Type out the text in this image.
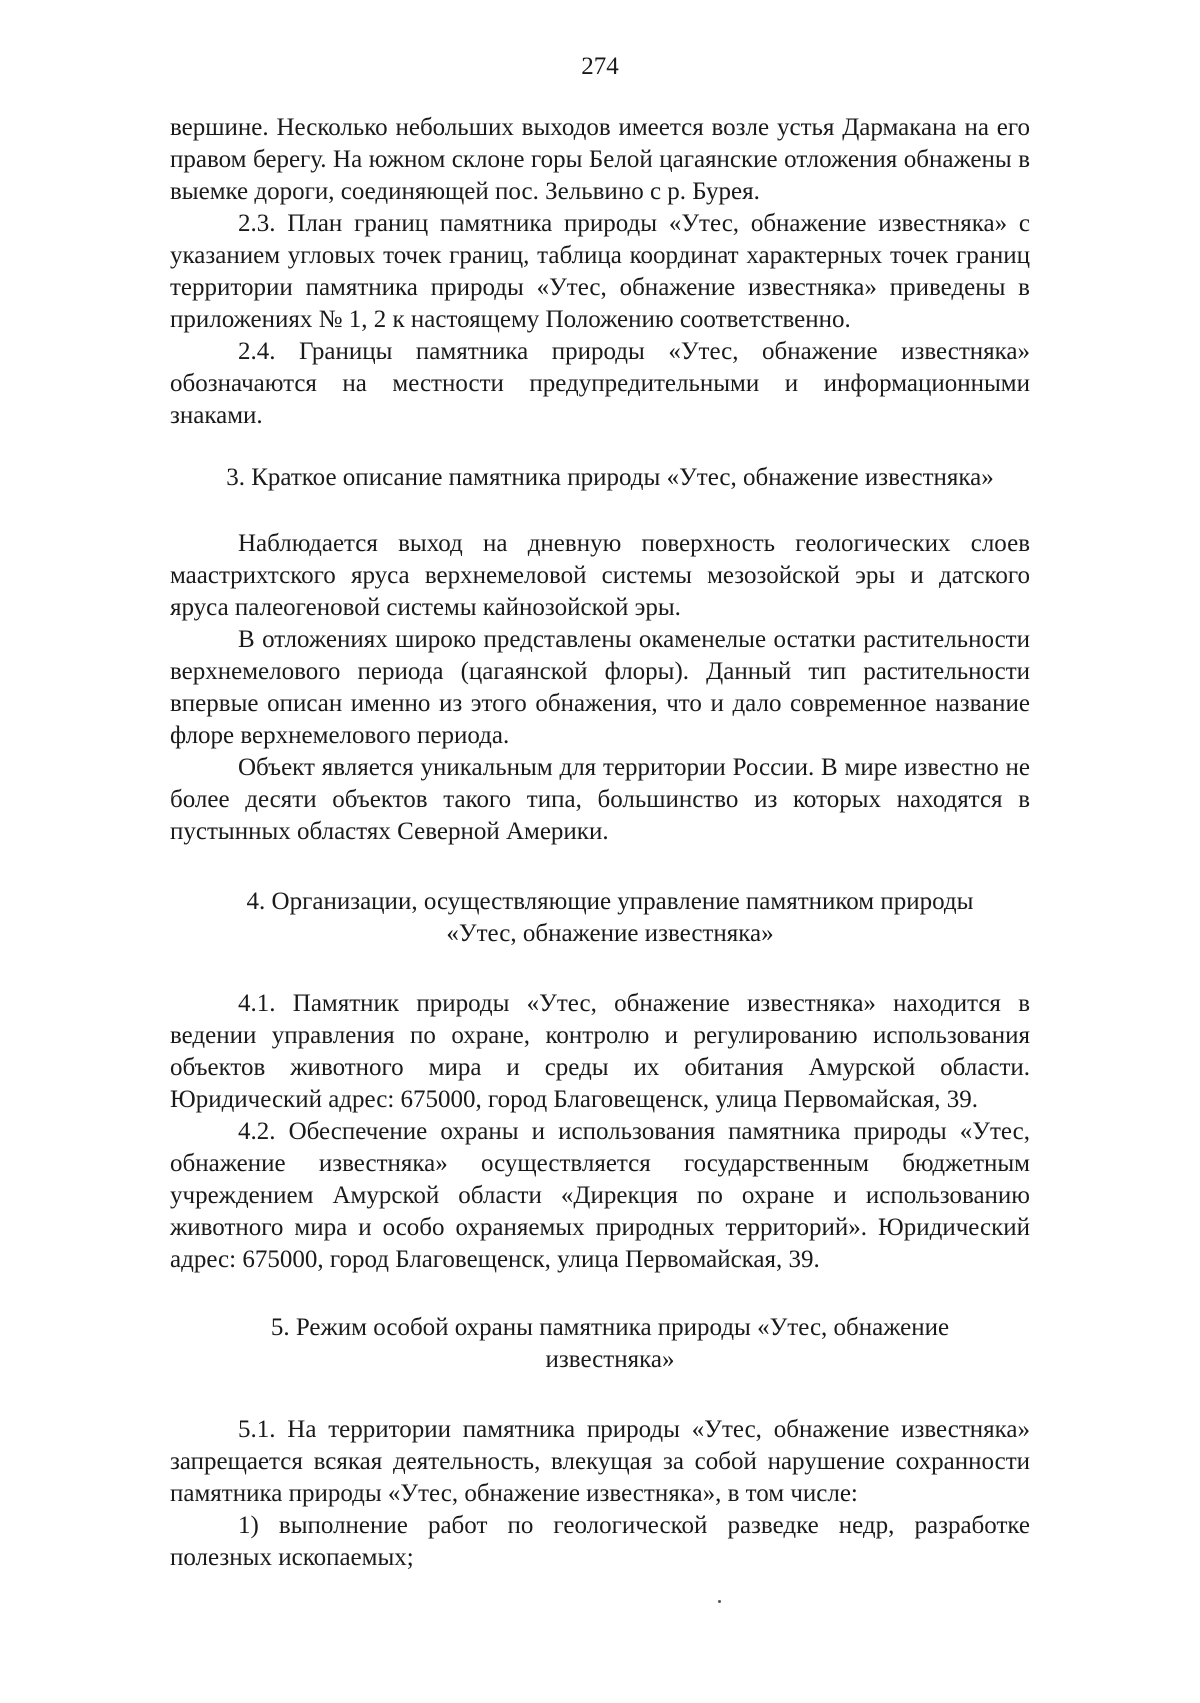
274

вершине. Несколько небольших выходов имеется возле устья Дармакана на его правом берегу. На южном склоне горы Белой цагаянские отложения обнажены в выемке дороги, соединяющей пос. Зельвино с р. Бурея.

2.3. План границ памятника природы «Утес, обнажение известняка» с указанием угловых точек границ, таблица координат характерных точек границ территории памятника природы «Утес, обнажение известняка» приведены в приложениях № 1, 2 к настоящему Положению соответственно.

2.4. Границы памятника природы «Утес, обнажение известняка» обозначаются на местности предупредительными и информационными знаками.

3. Краткое описание памятника природы «Утес, обнажение известняка»

Наблюдается выход на дневную поверхность геологических слоев маастрихтского яруса верхнемеловой системы мезозойской эры и датского яруса палеогеновой системы кайнозойской эры.

В отложениях широко представлены окаменелые остатки растительности верхнемелового периода (цагаянской флоры). Данный тип растительности впервые описан именно из этого обнажения, что и дало современное название флоре верхнемелового периода.

Объект является уникальным для территории России. В мире известно не более десяти объектов такого типа, большинство из которых находятся в пустынных областях Северной Америки.

4. Организации, осуществляющие управление памятником природы
«Утес, обнажение известняка»

4.1. Памятник природы «Утес, обнажение известняка» находится в ведении управления по охране, контролю и регулированию использования объектов животного мира и среды их обитания Амурской области. Юридический адрес: 675000, город Благовещенск, улица Первомайская, 39.

4.2. Обеспечение охраны и использования памятника природы «Утес, обнажение известняка» осуществляется государственным бюджетным учреждением Амурской области «Дирекция по охране и использованию животного мира и особо охраняемых природных территорий». Юридический адрес: 675000, город Благовещенск, улица Первомайская, 39.

5. Режим особой охраны памятника природы «Утес, обнажение
известняка»

5.1. На территории памятника природы «Утес, обнажение известняка» запрещается всякая деятельность, влекущая за собой нарушение сохранности памятника природы «Утес, обнажение известняка», в том числе:

1) выполнение работ по геологической разведке недр, разработке полезных ископаемых;
